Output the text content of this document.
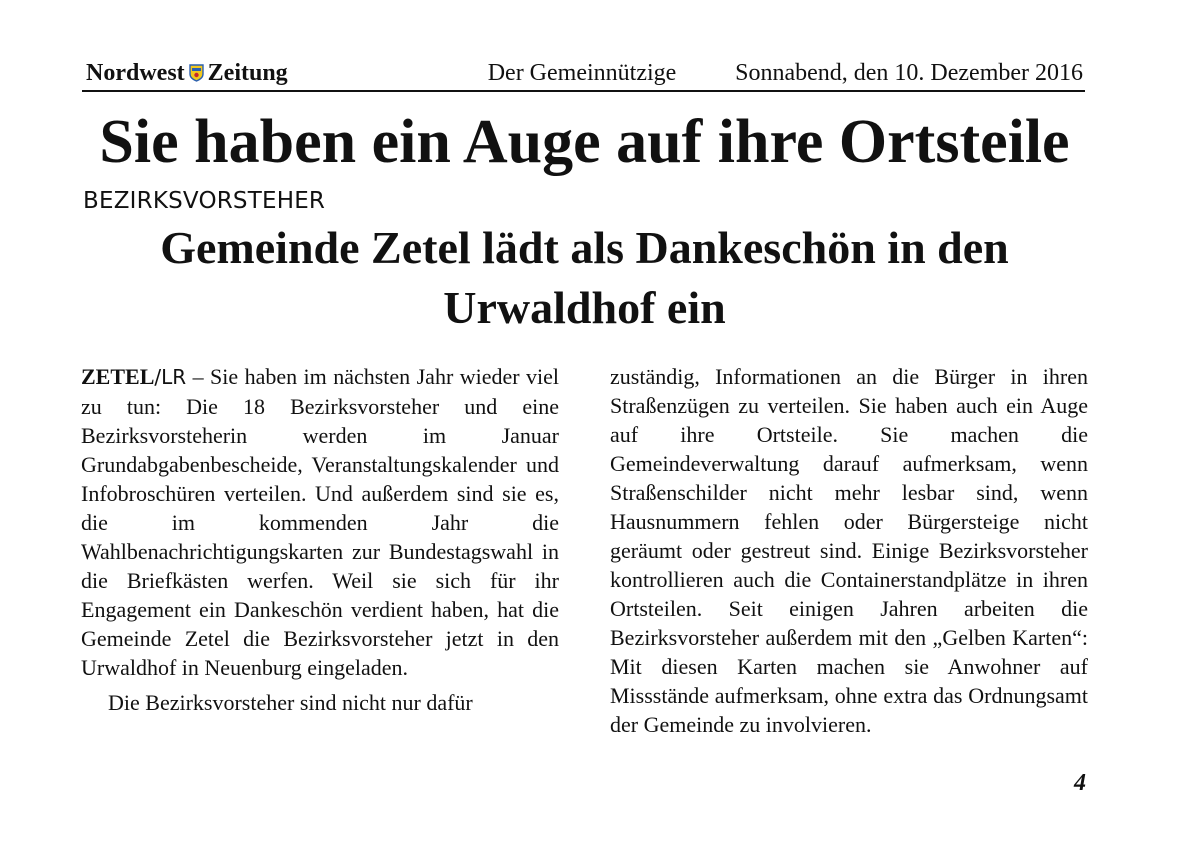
Nordwest Zeitung	Der Gemeinnützige	Sonnabend, den 10. Dezember 2016
Sie haben ein Auge auf ihre Ortsteile
BEZIRKSVORSTEHER
Gemeinde Zetel lädt als Dankeschön in den Urwaldhof ein

ZETEL/LR – Sie haben im nächsten Jahr wieder viel zu tun: Die 18 Bezirksvorsteher und eine Bezirksvorsteherin werden im Januar Grundabgabenbescheide, Veranstaltungskalender und Infobroschüren verteilen. Und außerdem sind sie es, die im kommenden Jahr die Wahlbenachrichtigungskarten zur Bundestagswahl in die Briefkästen werfen. Weil sie sich für ihr Engagement ein Dankeschön verdient haben, hat die Gemeinde Zetel die Bezirksvorsteher jetzt in den Urwaldhof in Neuenburg eingeladen.

Die Bezirksvorsteher sind nicht nur dafür

zuständig, Informationen an die Bürger in ihren Straßenzügen zu verteilen. Sie haben auch ein Auge auf ihre Ortsteile. Sie machen die Gemeindeverwaltung darauf aufmerksam, wenn Straßenschilder nicht mehr lesbar sind, wenn Hausnummern fehlen oder Bürgersteige nicht geräumt oder gestreut sind. Einige Bezirksvorsteher kontrollieren auch die Containerstandplätze in ihren Ortsteilen. Seit einigen Jahren arbeiten die Bezirksvorsteher außerdem mit den „Gelben Karten“: Mit diesen Karten machen sie Anwohner auf Missstände aufmerksam, ohne extra das Ordnungsamt der Gemeinde zu involvieren.

4
